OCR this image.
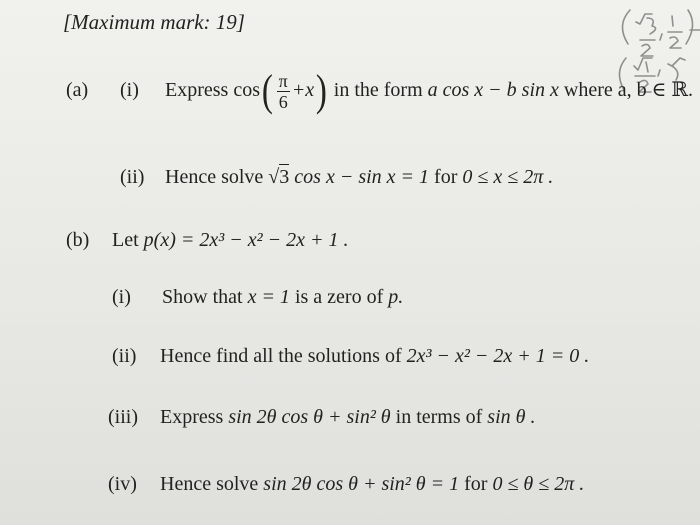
[Maximum mark: 19]
(a) (i) Express $\cos( \frac{\pi}{6} +x)$ in the form a cos x − b sin x where a, b ∈ ℝ.
(ii) Hence solve √3 cos x − sin x = 1 for 0 ≤ x ≤ 2π .
(b) Let p(x) = 2x³ − x² − 2x + 1 .
(i) Show that x = 1 is a zero of p.
(ii) Hence find all the solutions of 2x³ − x² − 2x + 1 = 0 .
(iii) Express sin 2θ cos θ + sin² θ in terms of sin θ .
(iv) Hence solve sin 2θ cos θ + sin² θ = 1 for 0 ≤ θ ≤ 2π .
